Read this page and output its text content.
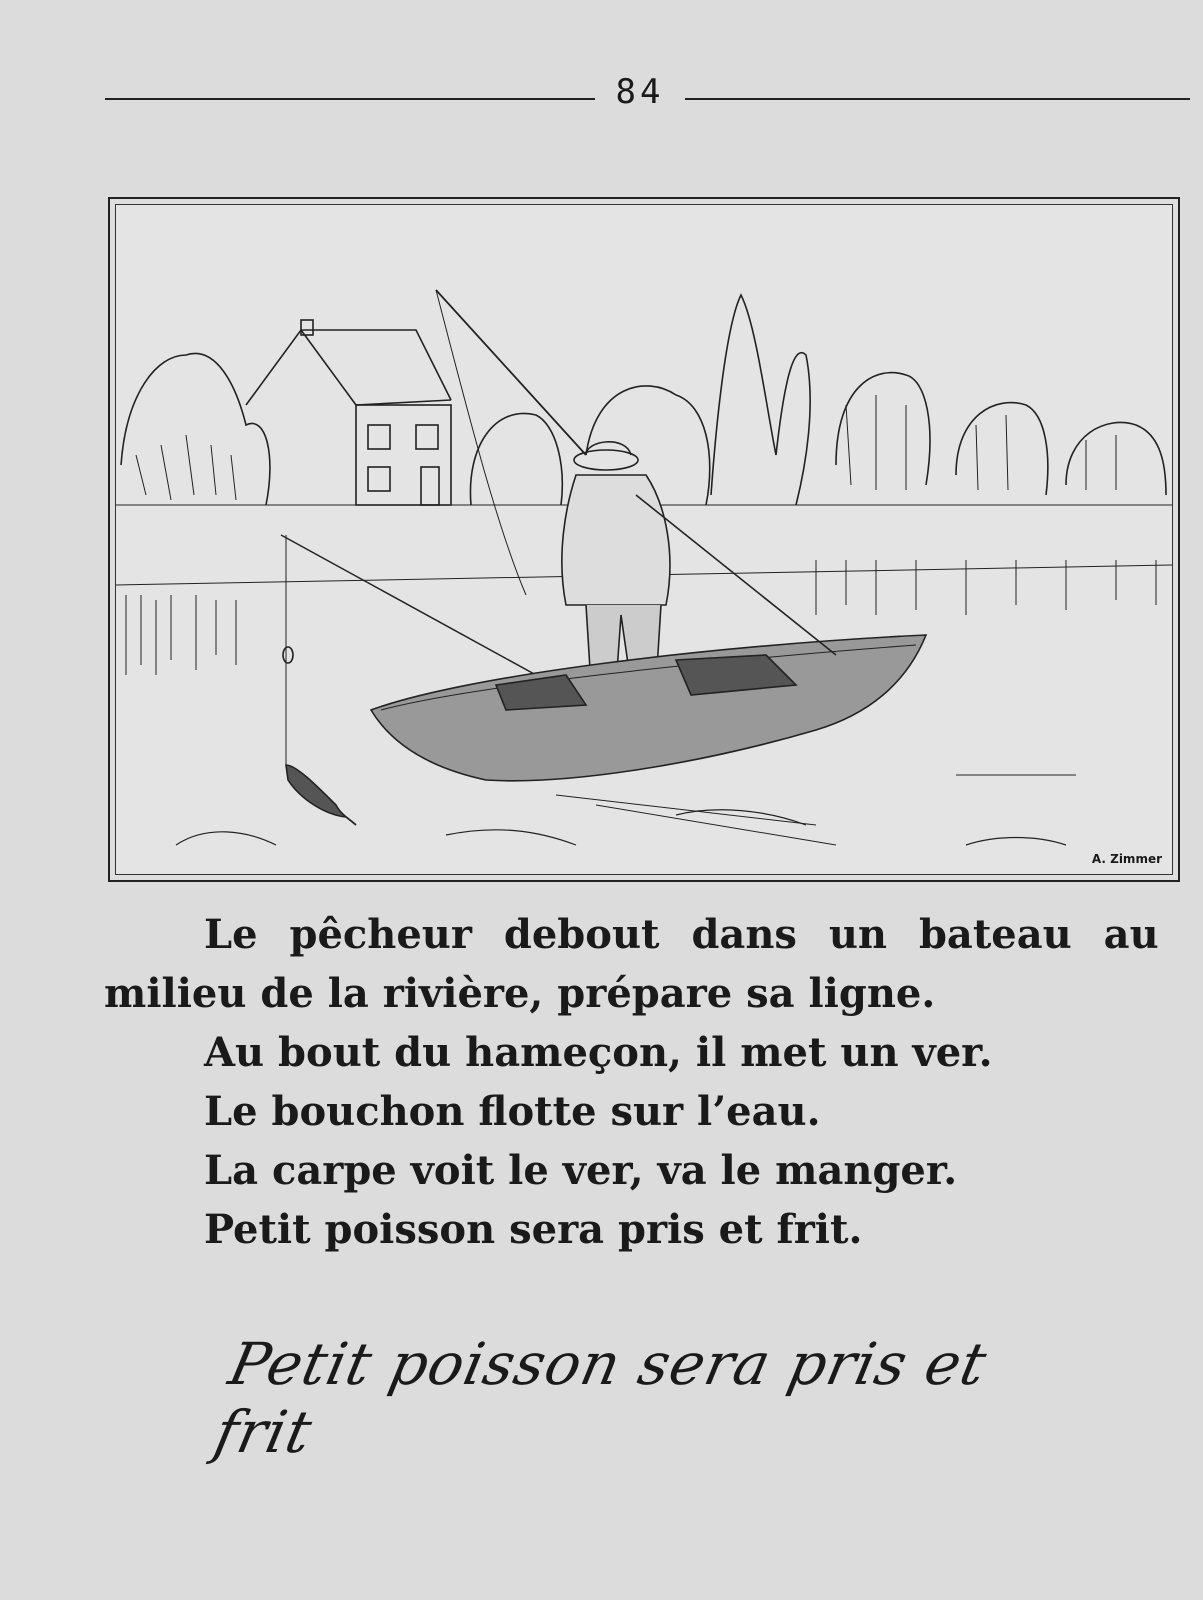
84
A. Zimmer
Le pêcheur debout dans un bateau au
milieu de la rivière, prépare sa ligne.
Au bout du hameçon, il met un ver.
Le bouchon flotte sur l’eau.
La carpe voit le ver, va le manger.
Petit poisson sera pris et frit.
Petit poisson sera pris et frit
